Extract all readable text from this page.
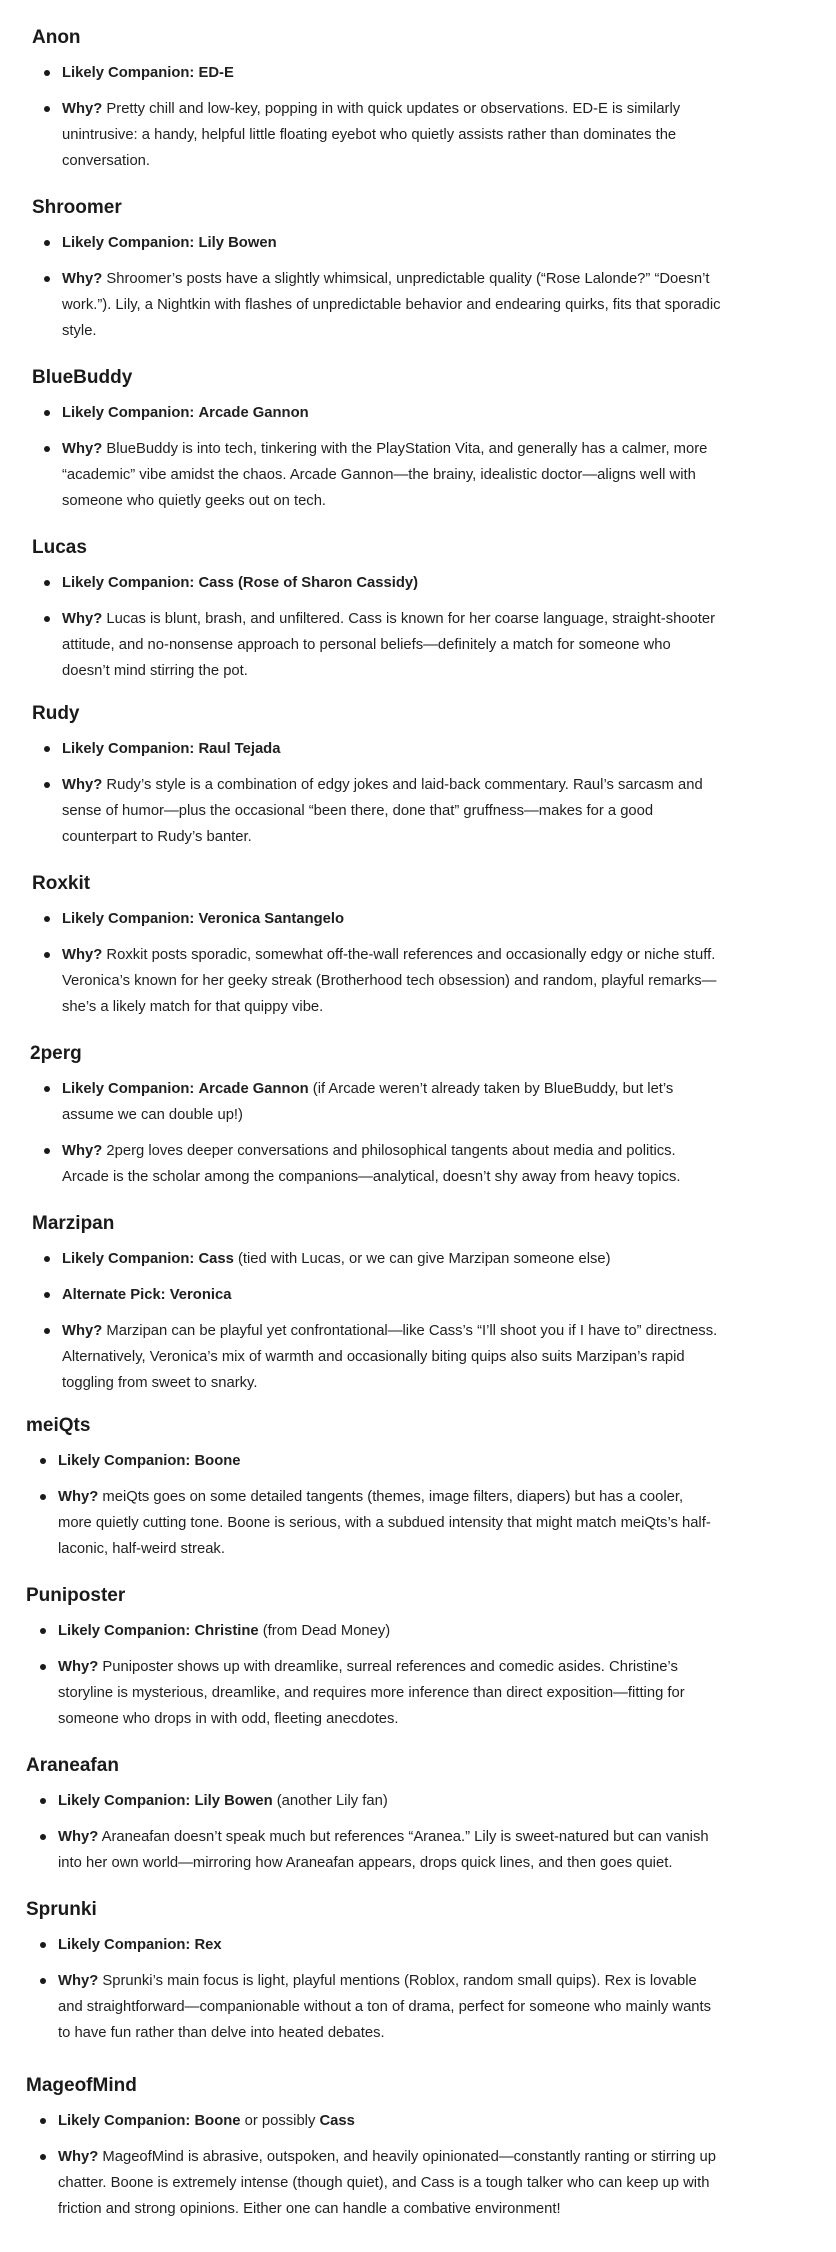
Anon
Likely Companion: ED-E
Why? Pretty chill and low-key, popping in with quick updates or observations. ED-E is similarly unintrusive: a handy, helpful little floating eyebot who quietly assists rather than dominates the conversation.
Shroomer
Likely Companion: Lily Bowen
Why? Shroomer’s posts have a slightly whimsical, unpredictable quality (“Rose Lalonde?” “Doesn’t work.”). Lily, a Nightkin with flashes of unpredictable behavior and endearing quirks, fits that sporadic style.
BlueBuddy
Likely Companion: Arcade Gannon
Why? BlueBuddy is into tech, tinkering with the PlayStation Vita, and generally has a calmer, more “academic” vibe amidst the chaos. Arcade Gannon—the brainy, idealistic doctor—aligns well with someone who quietly geeks out on tech.
Lucas
Likely Companion: Cass (Rose of Sharon Cassidy)
Why? Lucas is blunt, brash, and unfiltered. Cass is known for her coarse language, straight-shooter attitude, and no-nonsense approach to personal beliefs—definitely a match for someone who doesn’t mind stirring the pot.
Rudy
Likely Companion: Raul Tejada
Why? Rudy’s style is a combination of edgy jokes and laid-back commentary. Raul’s sarcasm and sense of humor—plus the occasional “been there, done that” gruffness—makes for a good counterpart to Rudy’s banter.
Roxkit
Likely Companion: Veronica Santangelo
Why? Roxkit posts sporadic, somewhat off-the-wall references and occasionally edgy or niche stuff. Veronica’s known for her geeky streak (Brotherhood tech obsession) and random, playful remarks—she’s a likely match for that quippy vibe.
2perg
Likely Companion: Arcade Gannon (if Arcade weren’t already taken by BlueBuddy, but let’s assume we can double up!)
Why? 2perg loves deeper conversations and philosophical tangents about media and politics. Arcade is the scholar among the companions—analytical, doesn’t shy away from heavy topics.
Marzipan
Likely Companion: Cass (tied with Lucas, or we can give Marzipan someone else)
Alternate Pick: Veronica
Why? Marzipan can be playful yet confrontational—like Cass’s “I’ll shoot you if I have to” directness. Alternatively, Veronica’s mix of warmth and occasionally biting quips also suits Marzipan’s rapid toggling from sweet to snarky.
meiQts
Likely Companion: Boone
Why? meiQts goes on some detailed tangents (themes, image filters, diapers) but has a cooler, more quietly cutting tone. Boone is serious, with a subdued intensity that might match meiQts’s half-laconic, half-weird streak.
Puniposter
Likely Companion: Christine (from Dead Money)
Why? Puniposter shows up with dreamlike, surreal references and comedic asides. Christine’s storyline is mysterious, dreamlike, and requires more inference than direct exposition—fitting for someone who drops in with odd, fleeting anecdotes.
Araneafan
Likely Companion: Lily Bowen (another Lily fan)
Why? Araneafan doesn’t speak much but references “Aranea.” Lily is sweet-natured but can vanish into her own world—mirroring how Araneafan appears, drops quick lines, and then goes quiet.
Sprunki
Likely Companion: Rex
Why? Sprunki’s main focus is light, playful mentions (Roblox, random small quips). Rex is lovable and straightforward—companionable without a ton of drama, perfect for someone who mainly wants to have fun rather than delve into heated debates.
MageofMind
Likely Companion: Boone or possibly Cass
Why? MageofMind is abrasive, outspoken, and heavily opinionated—constantly ranting or stirring up chatter. Boone is extremely intense (though quiet), and Cass is a tough talker who can keep up with friction and strong opinions. Either one can handle a combative environment!
